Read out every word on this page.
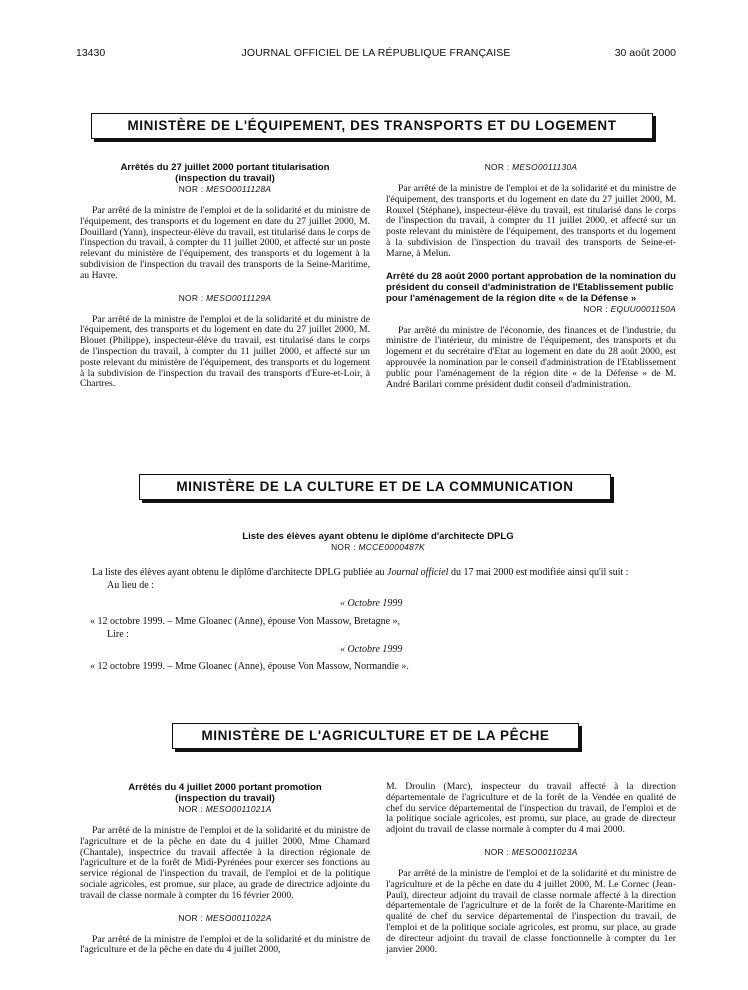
13430	JOURNAL OFFICIEL DE LA RÉPUBLIQUE FRANÇAISE	30 août 2000
MINISTÈRE DE L'ÉQUIPEMENT, DES TRANSPORTS ET DU LOGEMENT
Arrêtés du 27 juillet 2000 portant titularisation
(inspection du travail)
NOR : MESO0011128A

Par arrêté de la ministre de l'emploi et de la solidarité et du ministre de l'équipement, des transports et du logement en date du 27 juillet 2000, M. Douillard (Yann), inspecteur-élève du travail, est titularisé dans le corps de l'inspection du travail, à compter du 11 juillet 2000, et affecté sur un poste relevant du ministère de l'équipement, des transports et du logement à la subdivision de l'inspection du travail des transports de la Seine-Maritime, au Havre.

NOR : MESO0011129A

Par arrêté de la ministre de l'emploi et de la solidarité et du ministre de l'équipement, des transports et du logement en date du 27 juillet 2000, M. Blouet (Philippe), inspecteur-élève du travail, est titularisé dans le corps de l'inspection du travail, à compter du 11 juillet 2000, et affecté sur un poste relevant du ministère de l'équipement, des transports et du logement à la subdivision de l'inspection du travail des transports d'Eure-et-Loir, à Chartres.

NOR : MESO0011130A

Par arrêté de la ministre de l'emploi et de la solidarité et du ministre de l'équipement, des transports et du logement en date du 27 juillet 2000, M. Rouxel (Stéphane), inspecteur-élève du travail, est titularisé dans le corps de l'inspection du travail, à compter du 11 juillet 2000, et affecté sur un poste relevant du ministère de l'équipement, des transports et du logement à la subdivision de l'inspection du travail des transports de Seine-et-Marne, à Melun.

Arrêté du 28 août 2000 portant approbation de la nomination du président du conseil d'administration de l'Etablissement public pour l'aménagement de la région dite « de la Défense »
NOR : EQUU0001150A

Par arrêté du ministre de l'économie, des finances et de l'industrie, du ministre de l'intérieur, du ministre de l'équipement, des transports et du logement et du secrétaire d'Etat au logement en date du 28 août 2000, est approuvée la nomination par le conseil d'administration de l'Etablissement public pour l'aménagement de la région dite « de la Défense » de M. André Barilari comme président dudit conseil d'administration.

MINISTÈRE DE LA CULTURE ET DE LA COMMUNICATION
Liste des élèves ayant obtenu le diplôme d'architecte DPLG
NOR : MCCE0000487K
La liste des élèves ayant obtenu le diplôme d'architecte DPLG publiée au Journal officiel du 17 mai 2000 est modifiée ainsi qu'il suit :
Au lieu de :
« Octobre 1999
« 12 octobre 1999. – Mme Gloanec (Anne), épouse Von Massow, Bretagne »,
Lire :
« Octobre 1999
« 12 octobre 1999. – Mme Gloanec (Anne), épouse Von Massow, Normandie ».
MINISTÈRE DE L'AGRICULTURE ET DE LA PÊCHE
Arrêtés du 4 juillet 2000 portant promotion
(inspection du travail)
NOR : MESO0011021A

Par arrêté de la ministre de l'emploi et de la solidarité et du ministre de l'agriculture et de la pêche en date du 4 juillet 2000, Mme Chamard (Chantale), inspectrice du travail affectée à la direction régionale de l'agriculture et de la forêt de Midi-Pyrénées pour exercer ses fonctions au service régional de l'inspection du travail, de l'emploi et de la politique sociale agricoles, est promue, sur place, au grade de directrice adjointe du travail de classe normale à compter du 16 février 2000.

NOR : MESO0011022A

Par arrêté de la ministre de l'emploi et de la solidarité et du ministre de l'agriculture et de la pêche en date du 4 juillet 2000,

M. Droulin (Marc), inspecteur du travail affecté à la direction départementale de l'agriculture et de la forêt de la Vendée en qualité de chef du service départemental de l'inspection du travail, de l'emploi et de la politique sociale agricoles, est promu, sur place, au grade de directeur adjoint du travail de classe normale à compter du 4 mai 2000.

NOR : MESO0011023A

Par arrêté de la ministre de l'emploi et de la solidarité et du ministre de l'agriculture et de la pêche en date du 4 juillet 2000, M. Le Cornec (Jean-Paul), directeur adjoint du travail de classe normale affecté à la direction départementale de l'agriculture et de la forêt de la Charente-Maritime en qualité de chef du service départemental de l'inspection du travail, de l'emploi et de la politique sociale agricoles, est promu, sur place, au grade de directeur adjoint du travail de classe fonctionnelle à compter du 1er janvier 2000.
